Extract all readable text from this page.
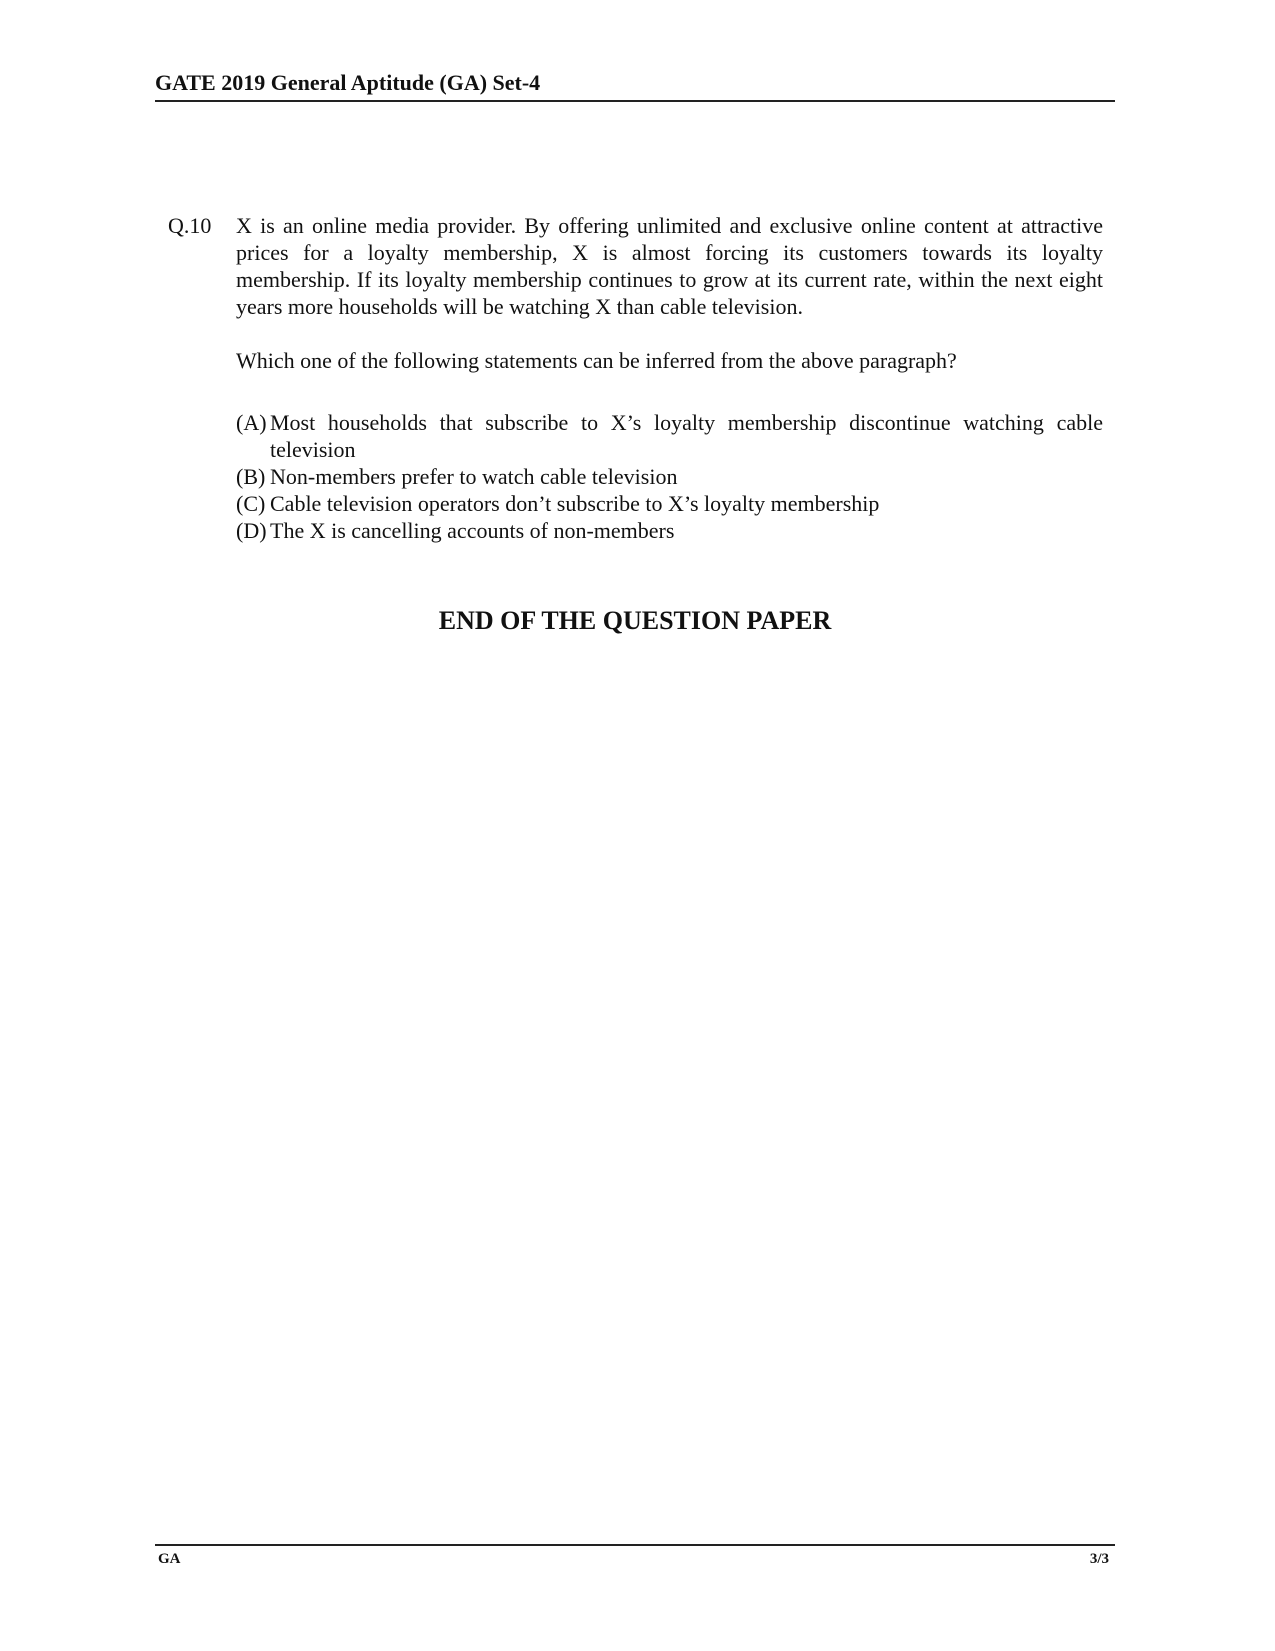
GATE 2019 General Aptitude (GA) Set-4
Q.10 X is an online media provider. By offering unlimited and exclusive online content at attractive prices for a loyalty membership, X is almost forcing its customers towards its loyalty membership. If its loyalty membership continues to grow at its current rate, within the next eight years more households will be watching X than cable television.

Which one of the following statements can be inferred from the above paragraph?

(A) Most households that subscribe to X’s loyalty membership discontinue watching cable television
(B) Non-members prefer to watch cable television
(C) Cable television operators don’t subscribe to X’s loyalty membership
(D) The X is cancelling accounts of non-members
END OF THE QUESTION PAPER
GA	3/3
